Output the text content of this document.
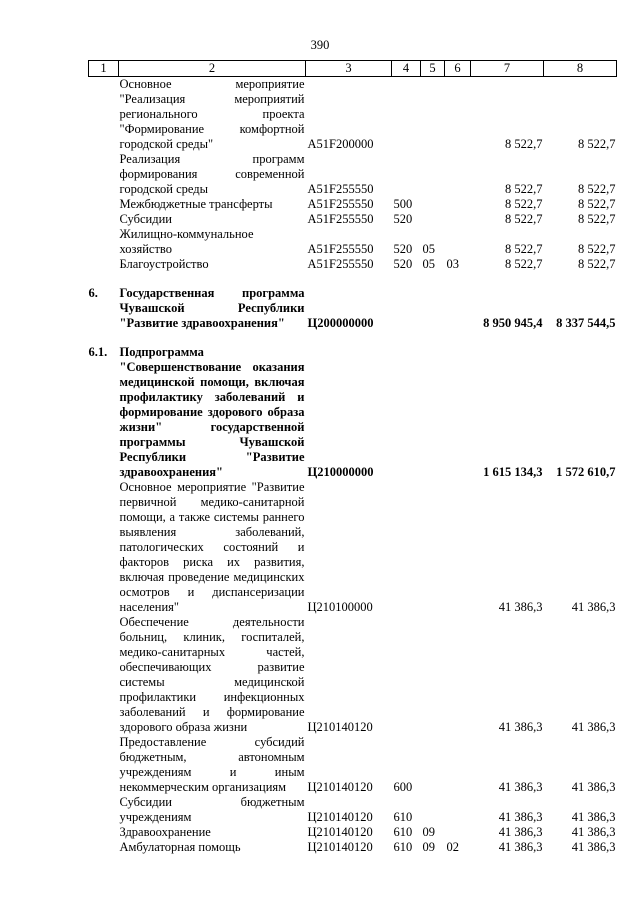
390
1	2	3	4	5	6	7	8
	Основное мероприятие "Реализация мероприятий регионального проекта "Формирование комфортной городской среды"	А51F200000				8 522,7	8 522,7
	Реализация программ формирования современной городской среды	А51F255550				8 522,7	8 522,7
	Межбюджетные трансферты	А51F255550	500			8 522,7	8 522,7
	Субсидии	А51F255550	520			8 522,7	8 522,7
	Жилищно-коммунальное хозяйство	А51F255550	520	05		8 522,7	8 522,7
	Благоустройство	А51F255550	520	05	03	8 522,7	8 522,7

6.	Государственная программа Чувашской Республики "Развитие здравоохранения"	Ц200000000				8 950 945,4	8 337 544,5

6.1.	Подпрограмма "Совершенствование оказания медицинской помощи, включая профилактику заболеваний и формирование здорового образа жизни" государственной программы Чувашской Республики "Развитие здравоохранения"	Ц210000000				1 615 134,3	1 572 610,7
	Основное мероприятие "Развитие первичной медико-санитарной помощи, а также системы раннего выявления заболеваний, патологических состояний и факторов риска их развития, включая проведение медицинских осмотров и диспансеризации населения"	Ц210100000				41 386,3	41 386,3
	Обеспечение деятельности больниц, клиник, госпиталей, медико-санитарных частей, обеспечивающих развитие системы медицинской профилактики инфекционных заболеваний и формирование здорового образа жизни	Ц210140120				41 386,3	41 386,3
	Предоставление субсидий бюджетным, автономным учреждениям и иным некоммерческим организациям	Ц210140120	600			41 386,3	41 386,3
	Субсидии бюджетным учреждениям	Ц210140120	610			41 386,3	41 386,3
	Здравоохранение	Ц210140120	610	09		41 386,3	41 386,3
	Амбулаторная помощь	Ц210140120	610	09	02	41 386,3	41 386,3
